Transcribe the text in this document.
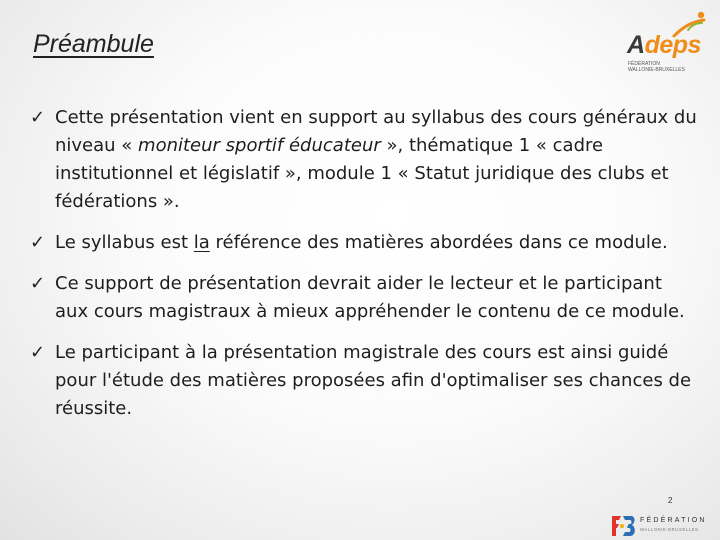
Préambule	Adeps
FÉDÉRATION
WALLONIE-BRUXELLES
✓ Cette présentation vient en support au syllabus des cours généraux du niveau « moniteur sportif éducateur », thématique 1 « cadre institutionnel et législatif », module 1 « Statut juridique des clubs et fédérations ».
✓ Le syllabus est la référence des matières abordées dans ce module.
✓ Ce support de présentation devrait aider le lecteur et le participant aux cours magistraux à mieux appréhender le contenu de ce module.
✓ Le participant à la présentation magistrale des cours est ainsi guidé pour l'étude des matières proposées afin d'optimaliser ses chances de réussite.
2
FÉDÉRATION
WALLONIE-BRUXELLES
